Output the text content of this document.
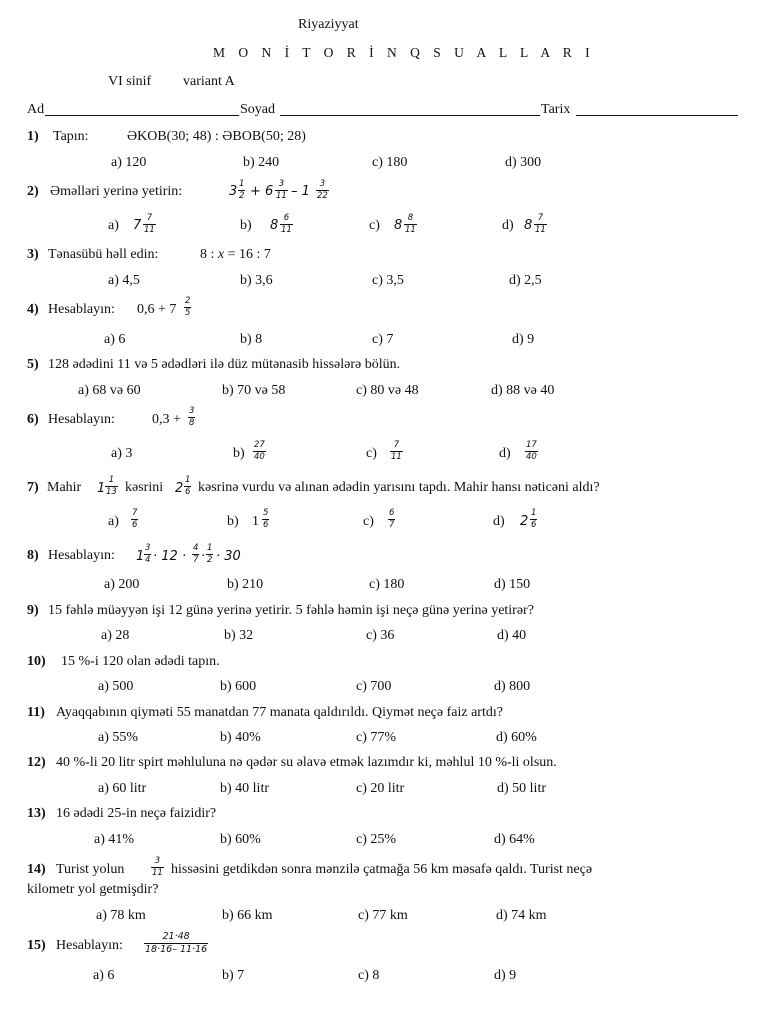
Riyaziyyat
M O N İ T O R İ N Q S U A L L A R I
VI sinif variant A
Ad	Soyad	Tarix
1) Tapın:	ƏKOB(30; 48) : ƏBOB(50; 28)
a) 120	b) 240	c) 180	d) 300
2) Əməlləri yerinə yetirin:	$3 \frac{1}{2} + 6 \frac{3}{11} - 1 \frac{3}{22}$
a) $7 \frac{7}{11}$	b) $8 \frac{6}{11}$	c) $8 \frac{8}{11}$	d) $8 \frac{7}{11}$
3) Tənasübü həll edin:	8 : x = 16 : 7
a) 4,5	b) 3,6	c) 3,5	d) 2,5
4) Hesablayın: $0,6 + 7 \frac{2}{5}$
a) 6	b) 8	c) 7	d) 9
5) 128 ədədini 11 və 5 ədədləri ilə düz mütənasib hissələrə bölün.
a) 68 və 60	b) 70 və 58	c) 80 və 48	d) 88 və 40
6) Hesablayın:	$0,3 + \frac{3}{8}$
a) 3	$b) \frac{27}{40}$	$c) \frac{7}{11}$	$d) \frac{17}{40}$
7) Mahir $1 \frac{1}{13}$ kəsrini $2 \frac{1}{6}$ kəsrinə vurdu və alınan ədədin yarısını tapdı. Mahir hansı nəticəni aldı?
$a) \frac{7}{6}$	b) $1 \frac{5}{6}$	$c) \frac{6}{7}$	d) $2 \frac{1}{6}$
8) Hesablayın: $1 \frac{3}{4} \cdot 12 \cdot \frac{4}{7} \cdot \frac{1}{2} \cdot 30$
a) 200	b) 210	c) 180	d) 150
9) 15 fəhlə müəyyən işi 12 günə yerinə yetirir. 5 fəhlə həmin işi neçə günə yerinə yetirər?
a) 28	b) 32	c) 36	d) 40
10) 15 %-i 120 olan ədədi tapın.
a) 500	b) 600	c) 700	d) 800
11) Ayaqqabının qiyməti 55 manatdan 77 manata qaldırıldı. Qiymət neçə faiz artdı?
a) 55%	b) 40%	c) 77%	d) 60%
12) 40 %-li 20 litr spirt məhluluna nə qədər su əlavə etmək lazımdır ki, məhlul 10 %-li olsun.
a) 60 litr	b) 40 litr	c) 20 litr	d) 50 litr
13) 16 ədədi 25-in neçə faizidir?
a) 41%	b) 60%	c) 25%	d) 64%
14) Turist yolun	$\frac{3}{11}$ hissəsini getdikdən sonra mənzilə çatmağa 56 km məsafə qaldı. Turist neçə
kilometr yol getmişdir?
a) 78 km	b) 66 km	c) 77 km	d) 74 km
15) Hesablayın: $\frac{21\cdot 48}{18\cdot 16- 11\cdot 16}$
a) 6	b) 7	c) 8	d) 9
